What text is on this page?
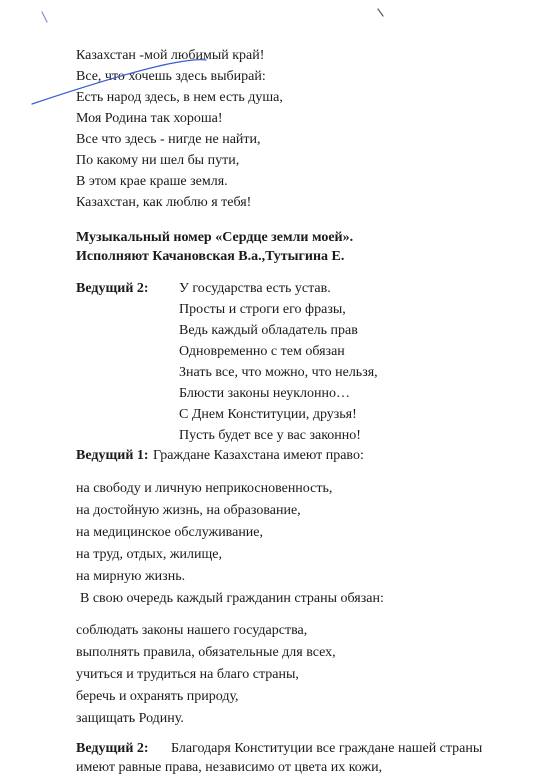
Казахстан -мой любимый край!
Все, что хочешь здесь выбирай:
Есть народ здесь, в нем есть душа,
Моя Родина так хороша!
Все что здесь - нигде не найти,
По какому ни шел бы пути,
В этом крае краше земля.
Казахстан, как люблю я тебя!
Музыкальный номер «Сердце земли моей».
Исполняют Качановская В.а.,Тутыгина Е.
Ведущий 2: У государства есть устав.
Просты и строги его фразы,
Ведь каждый обладатель прав
Одновременно с тем обязан
Знать все, что можно, что нельзя,
Блюсти законы неуклонно…
С Днем Конституции, друзья!
Пусть будет все у вас законно!
Ведущий 1: Граждане Казахстана имеют право:
на свободу и личную неприкосновенность,
на достойную жизнь, на образование,
на медицинское обслуживание,
на труд, отдых, жилище,
на мирную жизнь.
В свою очередь каждый гражданин страны обязан:
соблюдать законы нашего государства,
выполнять правила, обязательные для всех,
учиться и трудиться на благо страны,
беречь и охранять природу,
защищать Родину.
Ведущий 2: Благодаря Конституции все граждане нашей страны
имеют равные права, независимо от цвета их кожи,
